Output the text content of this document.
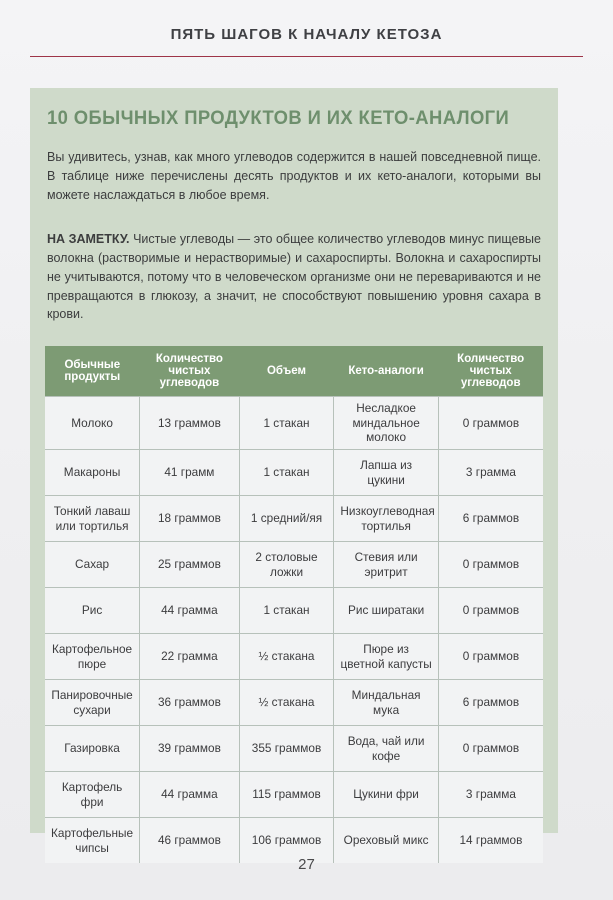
ПЯТЬ ШАГОВ К НАЧАЛУ КЕТОЗА
10 ОБЫЧНЫХ ПРОДУКТОВ И ИХ КЕТО-АНАЛОГИ

Вы удивитесь, узнав, как много углеводов содержится в нашей повседневной пище. В таблице ниже перечислены десять продуктов и их кето-аналоги, которыми вы можете наслаждаться в любое время.

НА ЗАМЕТКУ. Чистые углеводы — это общее количество углеводов минус пищевые волокна (растворимые и нерастворимые) и сахароспирты. Волокна и сахароспирты не учитываются, потому что в человеческом организме они не перевариваются и не превращаются в глюкозу, а значит, не способствуют повышению уровня сахара в крови.

Обычные продукты	Количество чистых углеводов	Объем	Кето-аналоги	Количество чистых углеводов
Молоко	13 граммов	1 стакан	Несладкое миндальное молоко	0 граммов
Макароны	41 грамм	1 стакан	Лапша из цукини	3 грамма
Тонкий лаваш или тортилья	18 граммов	1 средний/яя	Низкоуглеводная тортилья	6 граммов
Сахар	25 граммов	2 столовые ложки	Стевия или эритрит	0 граммов
Рис	44 грамма	1 стакан	Рис ширатаки	0 граммов
Картофельное пюре	22 грамма	½ стакана	Пюре из цветной капусты	0 граммов
Панировочные сухари	36 граммов	½ стакана	Миндальная мука	6 граммов
Газировка	39 граммов	355 граммов	Вода, чай или кофе	0 граммов
Картофель фри	44 грамма	115 граммов	Цукини фри	3 грамма
Картофельные чипсы	46 граммов	106 граммов	Ореховый микс	14 граммов
27
